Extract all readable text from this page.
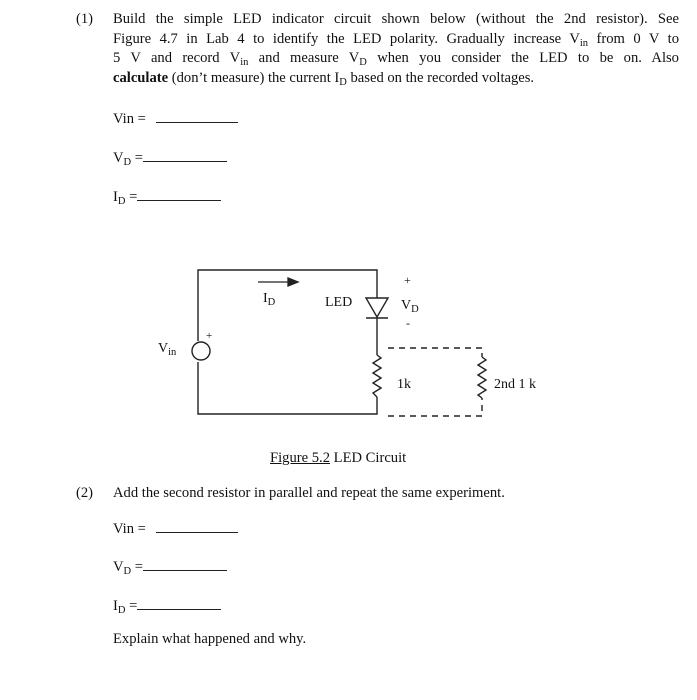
(1) Build the simple LED indicator circuit shown below (without the 2nd resistor). See
Figure 4.7 in Lab 4 to identify the LED polarity. Gradually increase $V_{in}$ from 0 V to
5 V and record $V_{in}$ and measure $V_D$ when you consider the LED to be on. Also
calculate (don’t measure) the current $I_D$ based on the recorded voltages.
Vin =
$V_D$ =
$I_D$ =
$I_D$	LED
+
$V_D$
-
$V_{in}$
+
1k	2nd 1 k
Figure 5.2 LED Circuit
(2) Add the second resistor in parallel and repeat the same experiment.
Vin =
$V_D$ =
$I_D$ =
Explain what happened and why.
